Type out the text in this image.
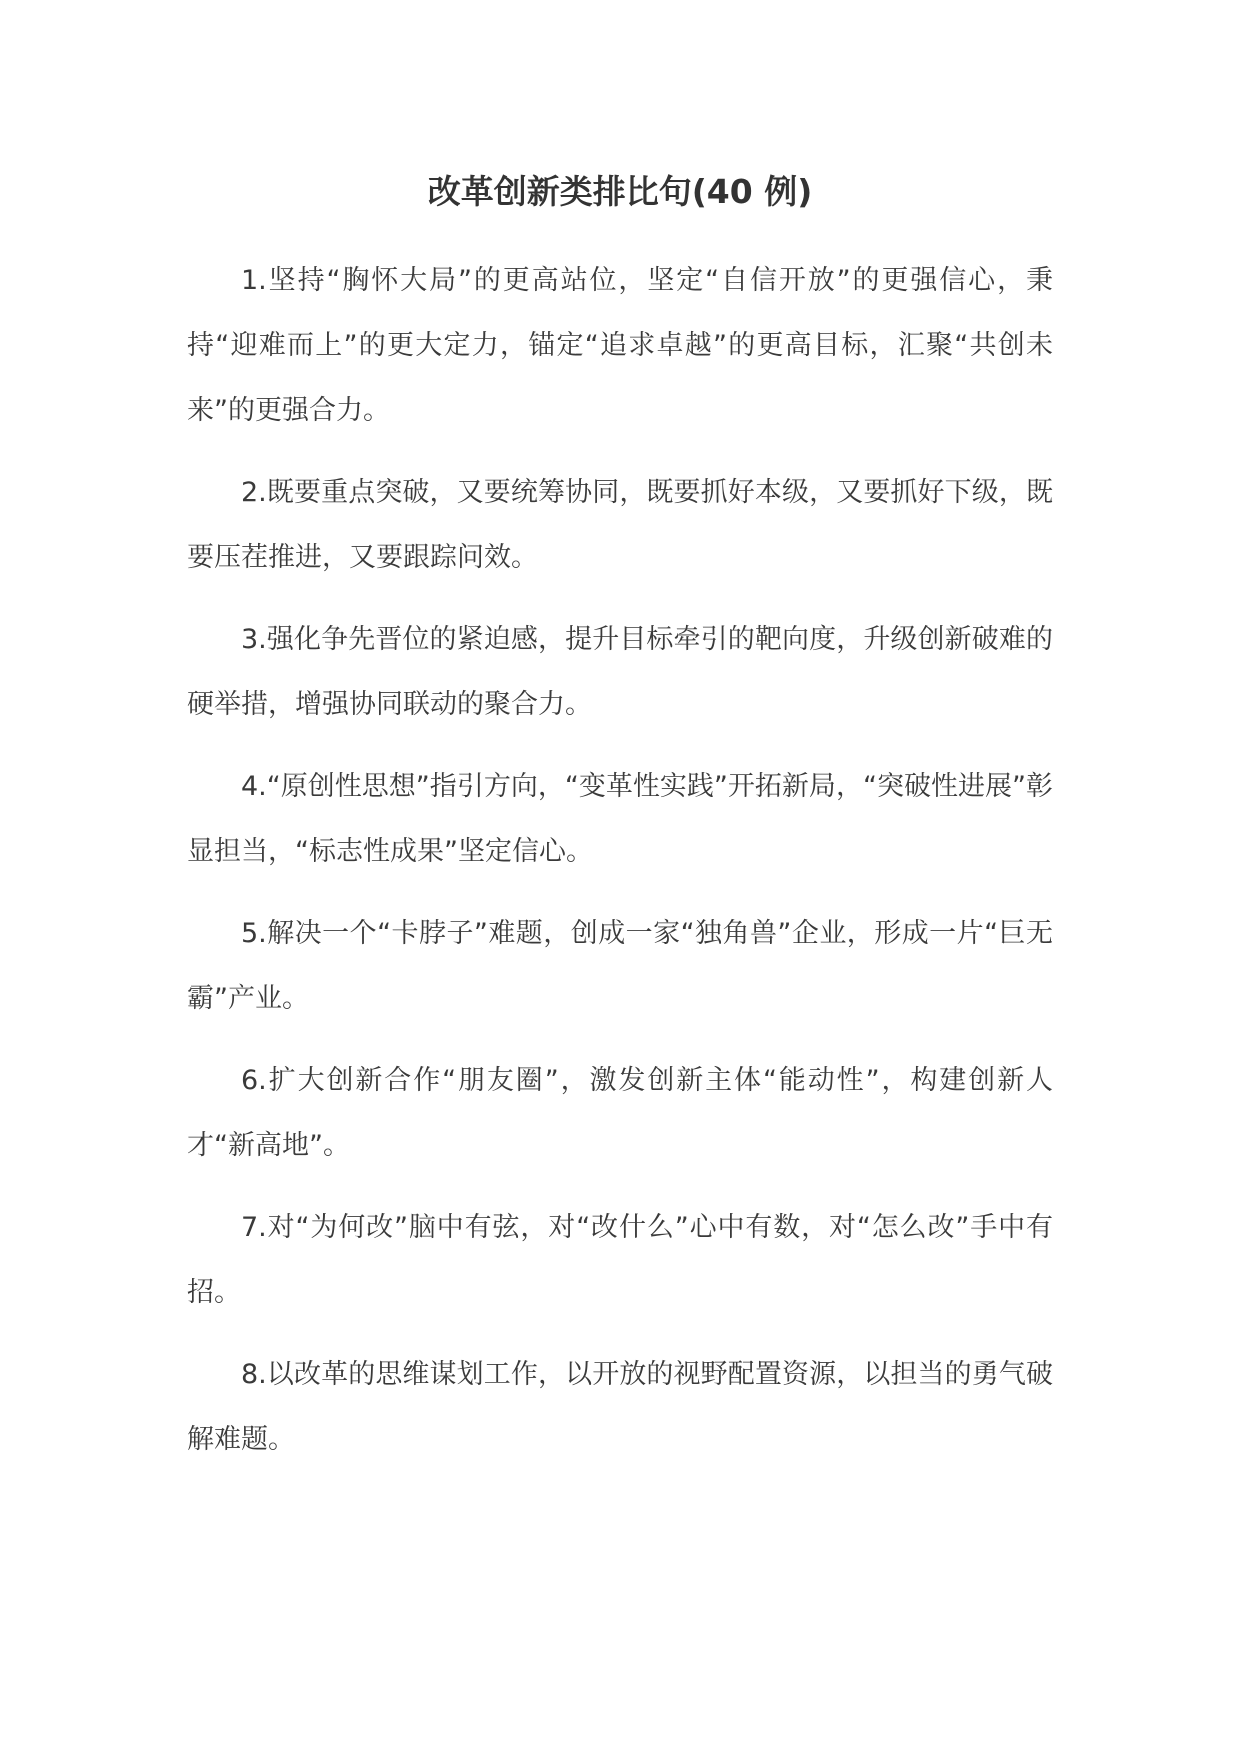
改革创新类排比句(40 例)

1.坚持“胸怀大局”的更高站位，坚定“自信开放”的更强信心，秉持“迎难而上”的更大定力，锚定“追求卓越”的更高目标，汇聚“共创未来”的更强合力。

2.既要重点突破，又要统筹协同，既要抓好本级，又要抓好下级，既要压茬推进，又要跟踪问效。

3.强化争先晋位的紧迫感，提升目标牵引的靶向度，升级创新破难的硬举措，增强协同联动的聚合力。

4.“原创性思想”指引方向，“变革性实践”开拓新局，“突破性进展”彰显担当，“标志性成果”坚定信心。

5.解决一个“卡脖子”难题，创成一家“独角兽”企业，形成一片“巨无霸”产业。

6.扩大创新合作“朋友圈”，激发创新主体“能动性”，构建创新人才“新高地”。

7.对“为何改”脑中有弦，对“改什么”心中有数，对“怎么改”手中有招。

8.以改革的思维谋划工作，以开放的视野配置资源，以担当的勇气破解难题。
